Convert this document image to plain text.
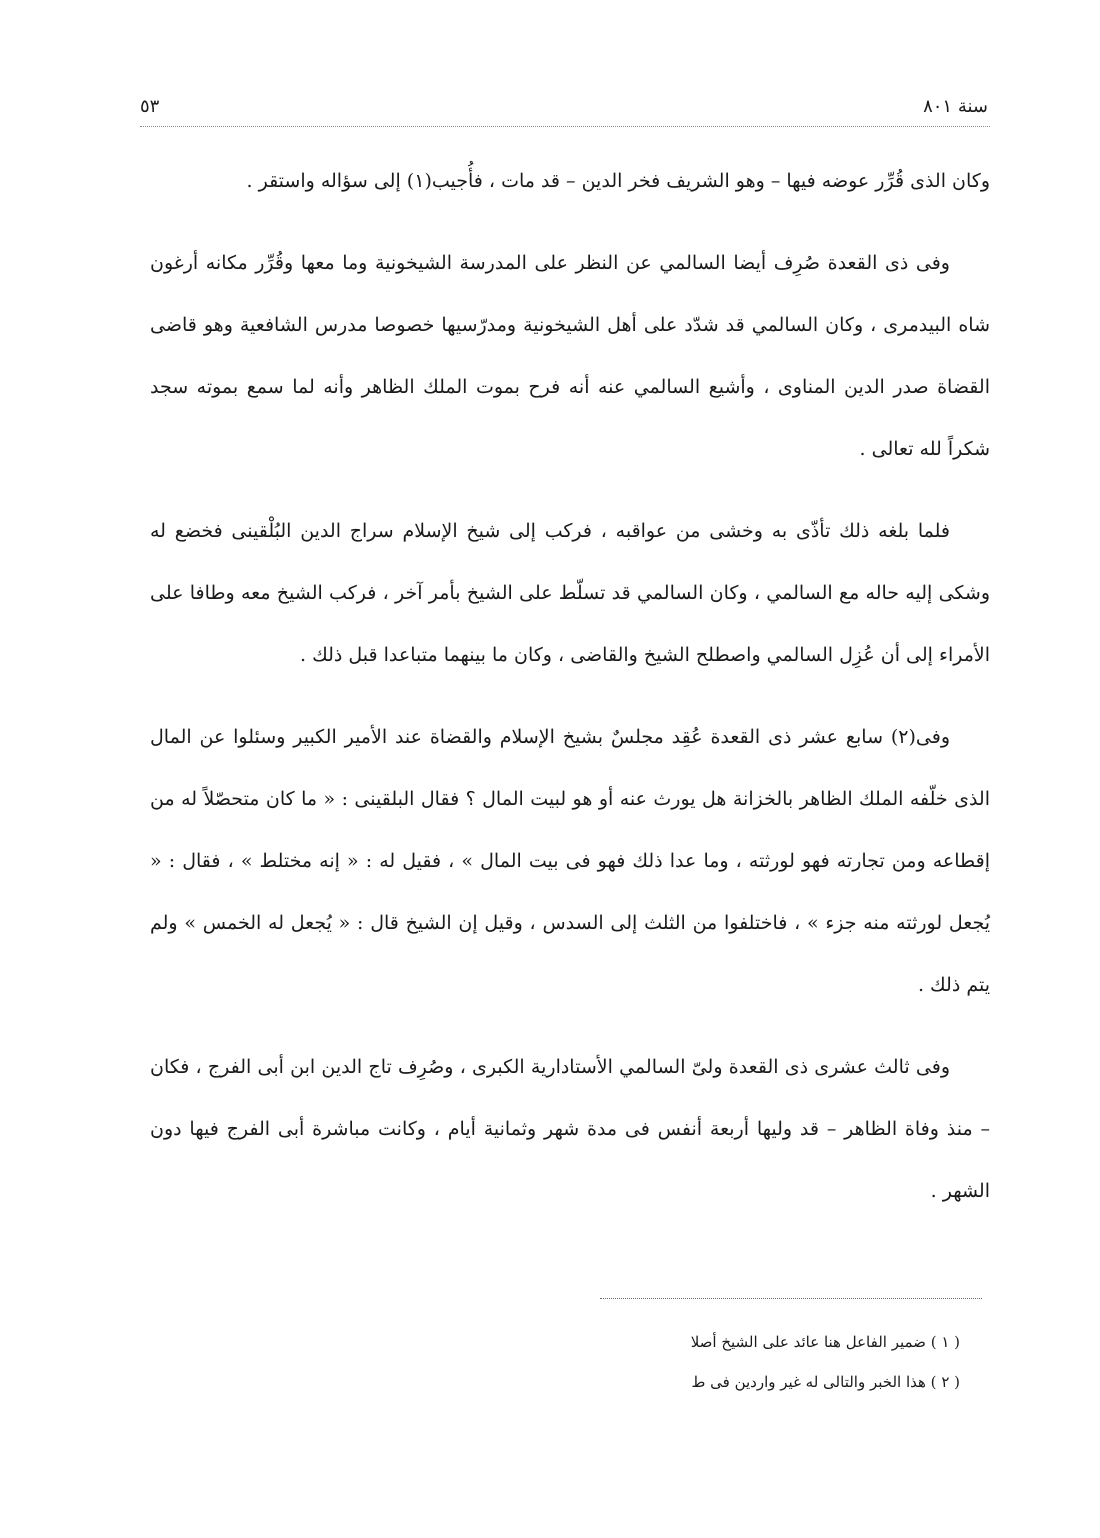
٥٣	سنة ٨٠١

وكان الذى قُرِّر عوضه فيها – وهو الشريف فخر الدين – قد مات ، فأُجيب(١) إلى سؤاله واستقر .

وفى ذى القعدة صُرِف أيضا السالمي عن النظر على المدرسة الشيخونية وما معها وقُرِّر مكانه أرغون شاه البيدمرى ، وكان السالمي قد شدّد على أهل الشيخونية ومدرّسيها خصوصا مدرس الشافعية وهو قاضى القضاة صدر الدين المناوى ، وأشيع السالمي عنه أنه فرح بموت الملك الظاهر وأنه لما سمع بموته سجد شكراً لله تعالى .

فلما بلغه ذلك تأذّى به وخشى من عواقبه ، فركب إلى شيخ الإسلام سراج الدين البُلْقينى فخضع له وشكى إليه حاله مع السالمي ، وكان السالمي قد تسلّط على الشيخ بأمر آخر ، فركب الشيخ معه وطافا على الأمراء إلى أن عُزِل السالمي واصطلح الشيخ والقاضى ، وكان ما بينهما متباعدا قبل ذلك .

وفى(٢) سابع عشر ذى القعدة عُقِد مجلسٌ بشيخ الإسلام والقضاة عند الأمير الكبير وسئلوا عن المال الذى خلّفه الملك الظاهر بالخزانة هل يورث عنه أو هو لبيت المال ؟ فقال البلقينى : « ما كان متحصّلاً له من إقطاعه ومن تجارته فهو لورثته ، وما عدا ذلك فهو فى بيت المال » ، فقيل له : « إنه مختلط » ، فقال : « يُجعل لورثته منه جزء » ، فاختلفوا من الثلث إلى السدس ، وقيل إن الشيخ قال : « يُجعل له الخمس » ولم يتم ذلك .

وفى ثالث عشرى ذى القعدة ولىّ السالمي الأستادارية الكبرى ، وصُرِف تاج الدين ابن أبى الفرج ، فكان – منذ وفاة الظاهر – قد وليها أربعة أنفس فى مدة شهر وثمانية أيام ، وكانت مباشرة أبى الفرج فيها دون الشهر .

( ١ ) ضمير الفاعل هنا عائد على الشيخ أصلا
( ٢ ) هذا الخبر والتالى له غير واردين فى ط
